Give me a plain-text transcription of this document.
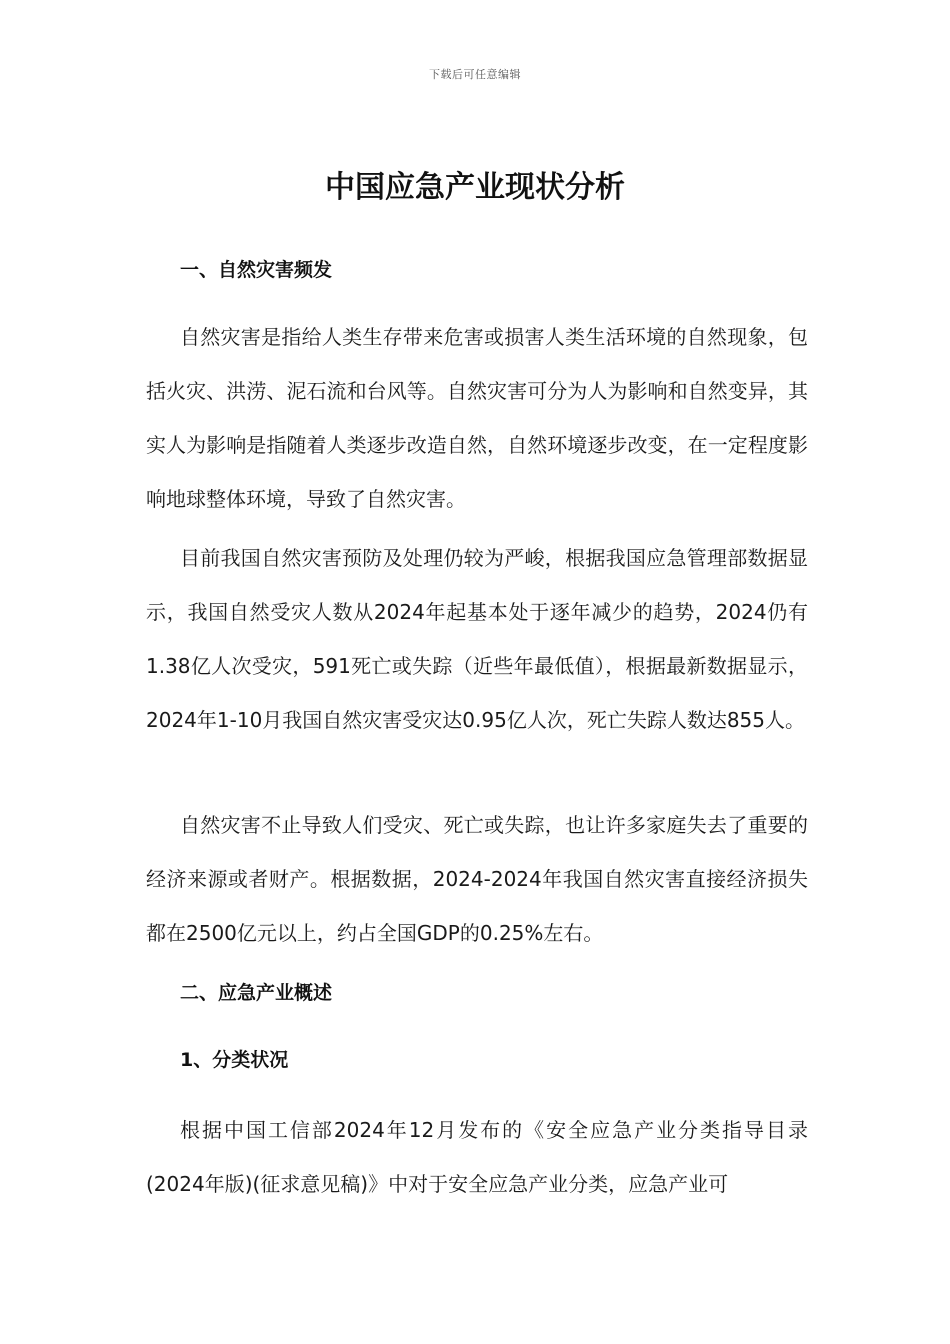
下载后可任意编辑
中国应急产业现状分析
一、自然灾害频发

自然灾害是指给人类生存带来危害或损害人类生活环境的自然现象，包括火灾、洪涝、泥石流和台风等。自然灾害可分为人为影响和自然变异，其实人为影响是指随着人类逐步改造自然，自然环境逐步改变，在一定程度影响地球整体环境，导致了自然灾害。

目前我国自然灾害预防及处理仍较为严峻，根据我国应急管理部数据显示，我国自然受灾人数从2024年起基本处于逐年减少的趋势，2024仍有1.38亿人次受灾，591死亡或失踪（近些年最低值），根据最新数据显示，2024年1-10月我国自然灾害受灾达0.95亿人次，死亡失踪人数达855人。

自然灾害不止导致人们受灾、死亡或失踪，也让许多家庭失去了重要的经济来源或者财产。根据数据，2024-2024年我国自然灾害直接经济损失都在2500亿元以上，约占全国GDP的0.25%左右。

二、应急产业概述
1、分类状况

根据中国工信部2024年12月发布的《安全应急产业分类指导目录(2024年版)(征求意见稿)》中对于安全应急产业分类，应急产业可
